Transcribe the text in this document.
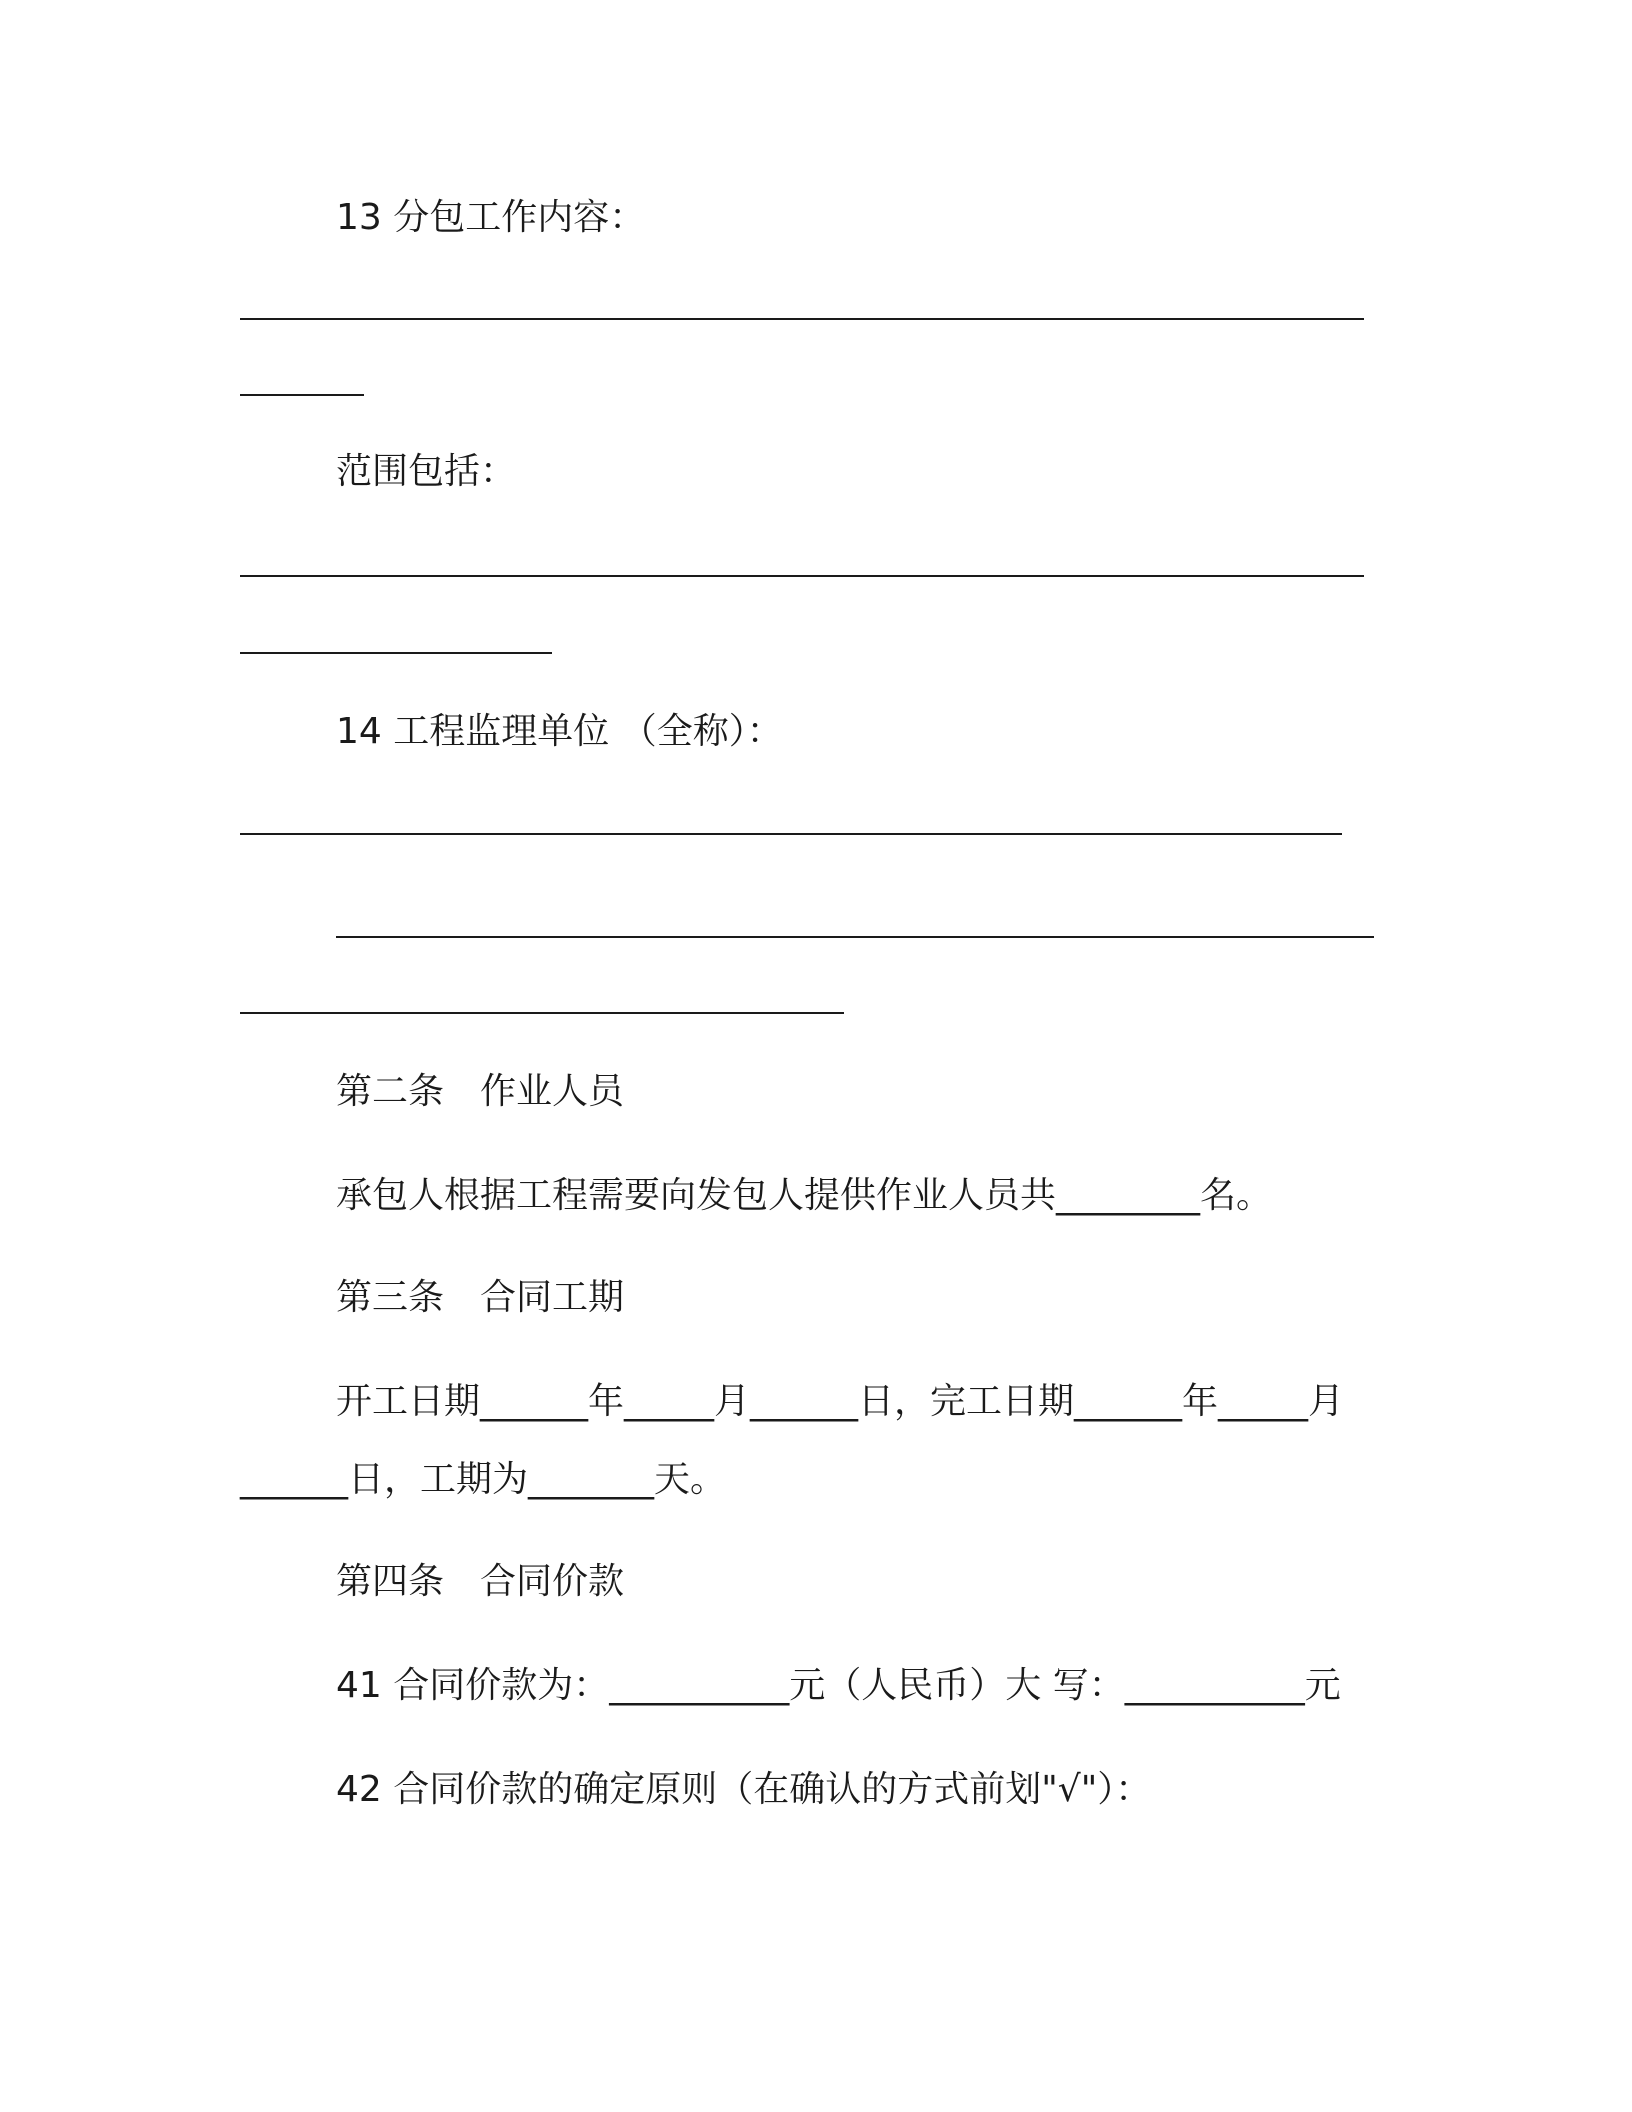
13 分包工作内容：
范围包括：
14 工程监理单位 （全称）：
第二条　作业人员
承包人根据工程需要向发包人提供作业人员共________名。
第三条　合同工期
开工日期______年_____月______日，完工日期______年_____月
______日，工期为_______天。
第四条　合同价款
41 合同价款为：__________元（人民币）大 写：__________元
42 合同价款的确定原则（在确认的方式前划"√"）：
